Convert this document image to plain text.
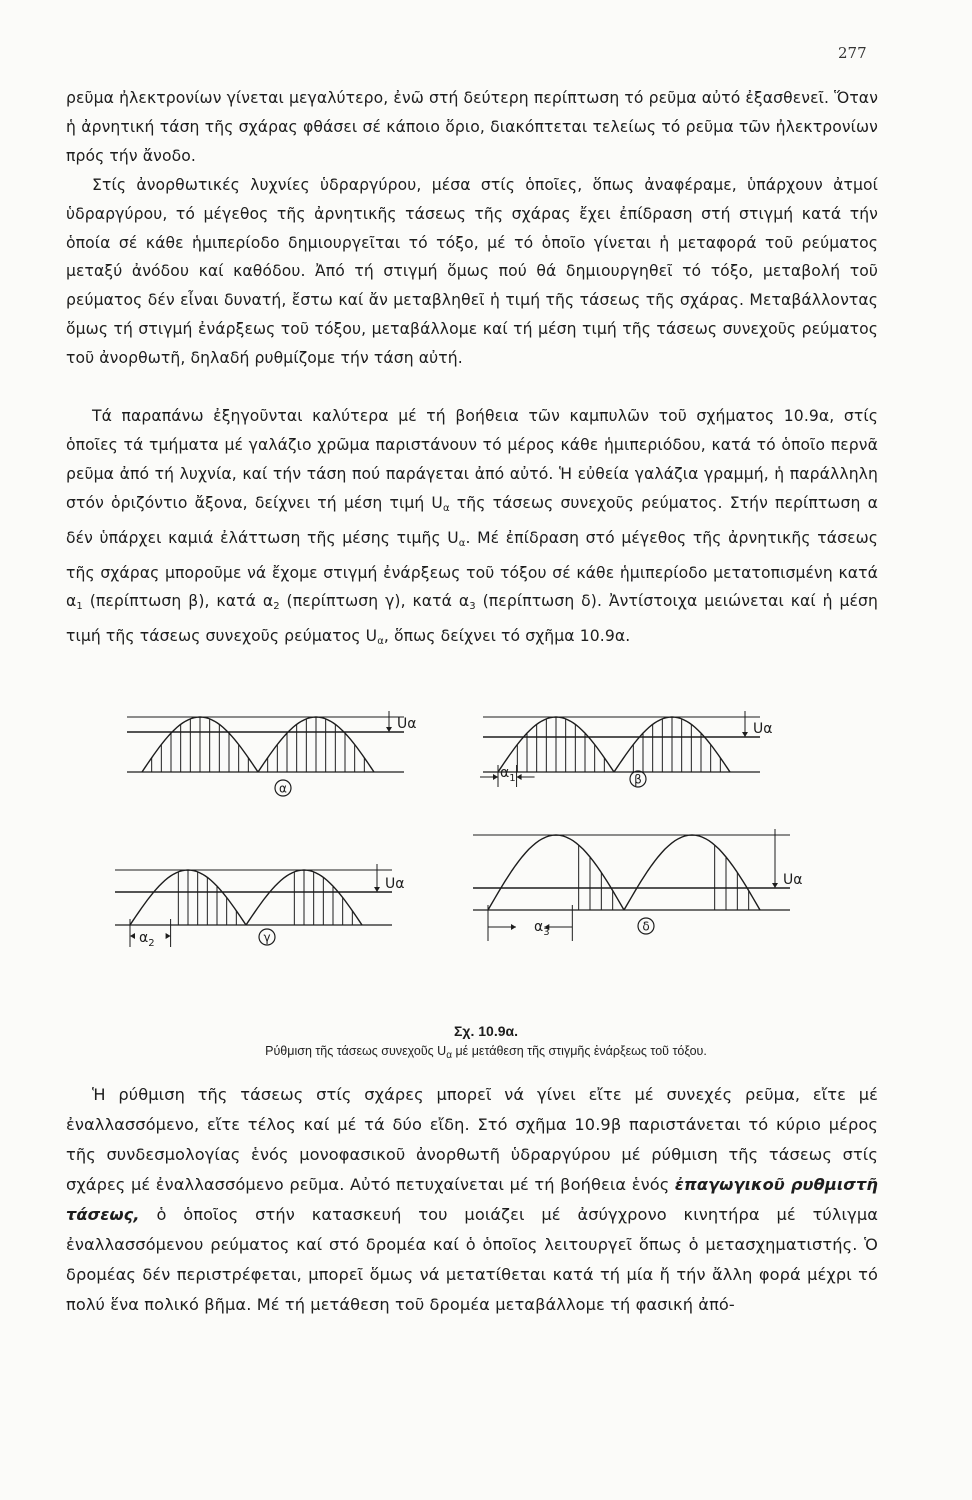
277

ρεῦμα ἠλεκτρονίων γίνεται μεγαλύτερο, ἐνῶ στή δεύτερη περίπτωση τό ρεῦμα αὐτό ἐξασθενεῖ. Ὅταν ἡ ἀρνητική τάση τῆς σχάρας φθάσει σέ κάποιο ὅριο, διακόπτεται τελείως τό ρεῦμα τῶν ἠλεκτρονίων πρός τήν ἄνοδο.
Στίς ἀνορθωτικές λυχνίες ὑδραργύρου, μέσα στίς ὁποῖες, ὅπως ἀναφέραμε, ὑπάρχουν ἀτμοί ὑδραργύρου, τό μέγεθος τῆς ἀρνητικῆς τάσεως τῆς σχάρας ἔχει ἐπίδραση στή στιγμή κατά τήν ὁποία σέ κάθε ἡμιπερίοδο δημιουργεῖται τό τόξο, μέ τό ὁποῖο γίνεται ἡ μεταφορά τοῦ ρεύματος μεταξύ ἀνόδου καί καθόδου. Ἀπό τή στιγμή ὅμως πού θά δημιουργηθεῖ τό τόξο, μεταβολή τοῦ ρεύματος δέν εἶναι δυνατή, ἔστω καί ἄν μεταβληθεῖ ἡ τιμή τῆς τάσεως τῆς σχάρας. Μεταβάλλοντας ὅμως τή στιγμή ἐνάρξεως τοῦ τόξου, μεταβάλλομε καί τή μέση τιμή τῆς τάσεως συνεχοῦς ρεύματος τοῦ ἀνορθωτῆ, δηλαδή ρυθμίζομε τήν τάση αὐτή.

Τά παραπάνω ἐξηγοῦνται καλύτερα μέ τή βοήθεια τῶν καμπυλῶν τοῦ σχήματος 10.9α, στίς ὁποῖες τά τμήματα μέ γαλάζιο χρῶμα παριστάνουν τό μέρος κάθε ἡμιπεριόδου, κατά τό ὁποῖο περνᾶ ρεῦμα ἀπό τή λυχνία, καί τήν τάση πού παράγεται ἀπό αὐτό. Ἡ εὐθεία γαλάζια γραμμή, ἡ παράλληλη στόν ὁριζόντιο ἄξονα, δείχνει τή μέση τιμή $U_\alpha$ τῆς τάσεως συνεχοῦς ρεύματος. Στήν περίπτωση α δέν ὑπάρχει καμιά ἐλάττωση τῆς μέσης τιμῆς $U_\alpha$. Μέ ἐπίδραση στό μέγεθος τῆς ἀρνητικῆς τάσεως τῆς σχάρας μποροῦμε νά ἔχομε στιγμή ἐνάρξεως τοῦ τόξου σέ κάθε ἡμιπερίοδο μετατοπισμένη κατά $\alpha_1$ (περίπτωση β), κατά $\alpha_2$ (περίπτωση γ), κατά $\alpha_3$ (περίπτωση δ). Ἀντίστοιχα μειώνεται καί ἡ μέση τιμή τῆς τάσεως συνεχοῦς ρεύματος $U_\alpha$, ὅπως δείχνει τό σχῆμα 10.9α.

Uα
α
Uα
$\alpha_1$	β
Uα
$\alpha_2$	γ
Uα
$\alpha_3$	δ
Σχ. 10.9α.
Ρύθμιση τῆς τάσεως συνεχοῦς $U_\alpha$ μέ μετάθεση τῆς στιγμῆς ἐνάρξεως τοῦ τόξου.

Ἡ ρύθμιση τῆς τάσεως στίς σχάρες μπορεῖ νά γίνει εἴτε μέ συνεχές ρεῦμα, εἴτε μέ ἐναλλασσόμενο, εἴτε τέλος καί μέ τά δύο εἴδη. Στό σχῆμα 10.9β παριστάνεται τό κύριο μέρος τῆς συνδεσμολογίας ἑνός μονοφασικοῦ ἀνορθωτῆ ὑδραργύρου μέ ρύθμιση τῆς τάσεως στίς σχάρες μέ ἐναλλασσόμενο ρεῦμα. Αὐτό πετυχαίνεται μέ τή βοήθεια ἑνός ἐπαγωγικοῦ ρυθμιστῆ τάσεως, ὁ ὁποῖος στήν κατασκευή του μοιάζει μέ ἀσύγχρονο κινητήρα μέ τύλιγμα ἐναλλασσόμενου ρεύματος καί στό δρομέα καί ὁ ὁποῖος λειτουργεῖ ὅπως ὁ μετασχηματιστής. Ὁ δρομέας δέν περιστρέφεται, μπορεῖ ὅμως νά μετατίθεται κατά τή μία ἤ τήν ἄλλη φορά μέχρι τό πολύ ἕνα πολικό βῆμα. Μέ τή μετάθεση τοῦ δρομέα μεταβάλλομε τή φασική ἀπό-
